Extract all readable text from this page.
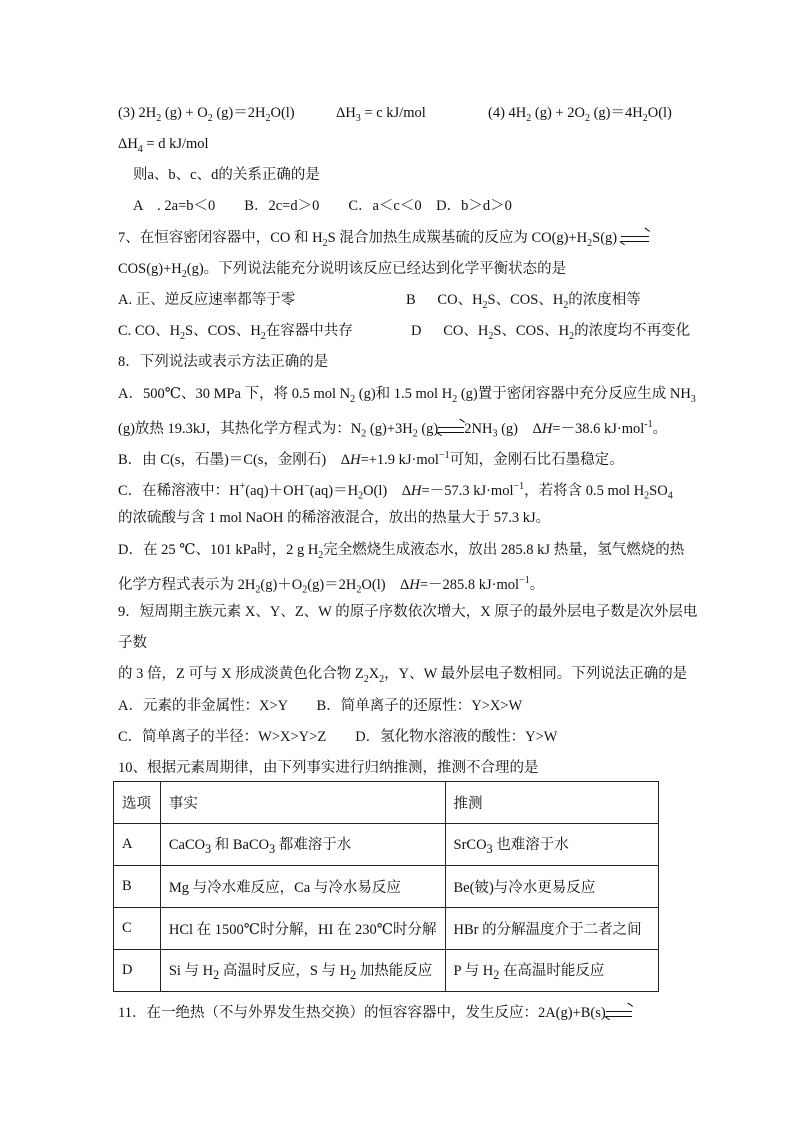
(3) $2H_2$ $(g) + O_2$ $(g)=2H_2O(l)$	$\Delta H_3 = c$ kJ/mol	(4) $4H_2$ $(g) + 2O_2$ $(g)=4H_2O(l)$
$\Delta H_4 = d$ kJ/mol
则a、b、c、d的关系正确的是
A　. 2a=b＜0　　B．2c=d＞0　　C．a＜c＜0　D．b＞d＞0
7、在恒容密闭容器中，CO 和 $H_2S$ 混合加热生成羰基硫的反应为 $CO(g)+H_2S(g)$
$COS(g)+H_2(g)$。下列说法能充分说明该反应已经达到化学平衡状态的是
A. 正、逆反应速率都等于零	B   CO、$H_2S$、COS、$H_2$的浓度相等
C. CO、$H_2S$、COS、$H_2$在容器中共存	D   CO、$H_2S$、COS、$H_2$的浓度均不再变化
8．下列说法或表示方法正确的是
A．500℃、30 MPa 下，将 0.5 mol $N_2$ (g)和 1.5 mol $H_2$ (g)置于密闭容器中充分反应生成 $NH_3$
(g)放热 19.3kJ，其热化学方程式为：$N_2$ $(g)+3H_2$ (g) $2NH_3$ (g)　ΔH=－38.6 kJ·mol$^{-1}$。
B．由 C(s，石墨)＝C(s，金刚石)　ΔH=+1.9 kJ·mol$^{-1}$可知，金刚石比石墨稳定。
C．在稀溶液中：$H^+(aq)+OH^-(aq)=H_2O(l)$　ΔH=－57.3 kJ·mol$^{-1}$，若将含 0.5 mol $H_2SO_4$
的浓硫酸与含 1 mol NaOH 的稀溶液混合，放出的热量大于 57.3 kJ。
D．在 25 ℃、101 kPa时，2 g $H_2$完全燃烧生成液态水，放出 285.8 kJ 热量，氢气燃烧的热
化学方程式表示为 $2H_2(g)+O_2(g)=2H_2O(l)$　ΔH=－285.8 kJ·mol$^{-1}$。
9．短周期主族元素 X、Y、Z、W 的原子序数依次增大，X 原子的最外层电子数是次外层电
子数
的 3 倍，Z 可与 X 形成淡黄色化合物 $Z_2X_2$，Y、W 最外层电子数相同。下列说法正确的是
A．元素的非金属性：X>Y　　B．简单离子的还原性：Y>X>W
C．简单离子的半径：W>X>Y>Z　　D．氢化物水溶液的酸性：Y>W
10、根据元素周期律，由下列事实进行归纳推测，推测不合理的是
选项	事实	推测
A	CaCO$_3$ 和 BaCO$_3$ 都难溶于水	SrCO$_3$ 也难溶于水
B	Mg 与冷水难反应，Ca 与冷水易反应	Be(铍)与冷水更易反应
C	HCl 在 1500℃时分解，HI 在 230℃时分解	HBr 的分解温度介于二者之间
D	Si 与 $H_2$ 高温时反应，S 与 $H_2$ 加热能反应	P 与 $H_2$ 在高温时能反应
11．在一绝热（不与外界发生热交换）的恒容容器中，发生反应：2A(g)+B(s)
